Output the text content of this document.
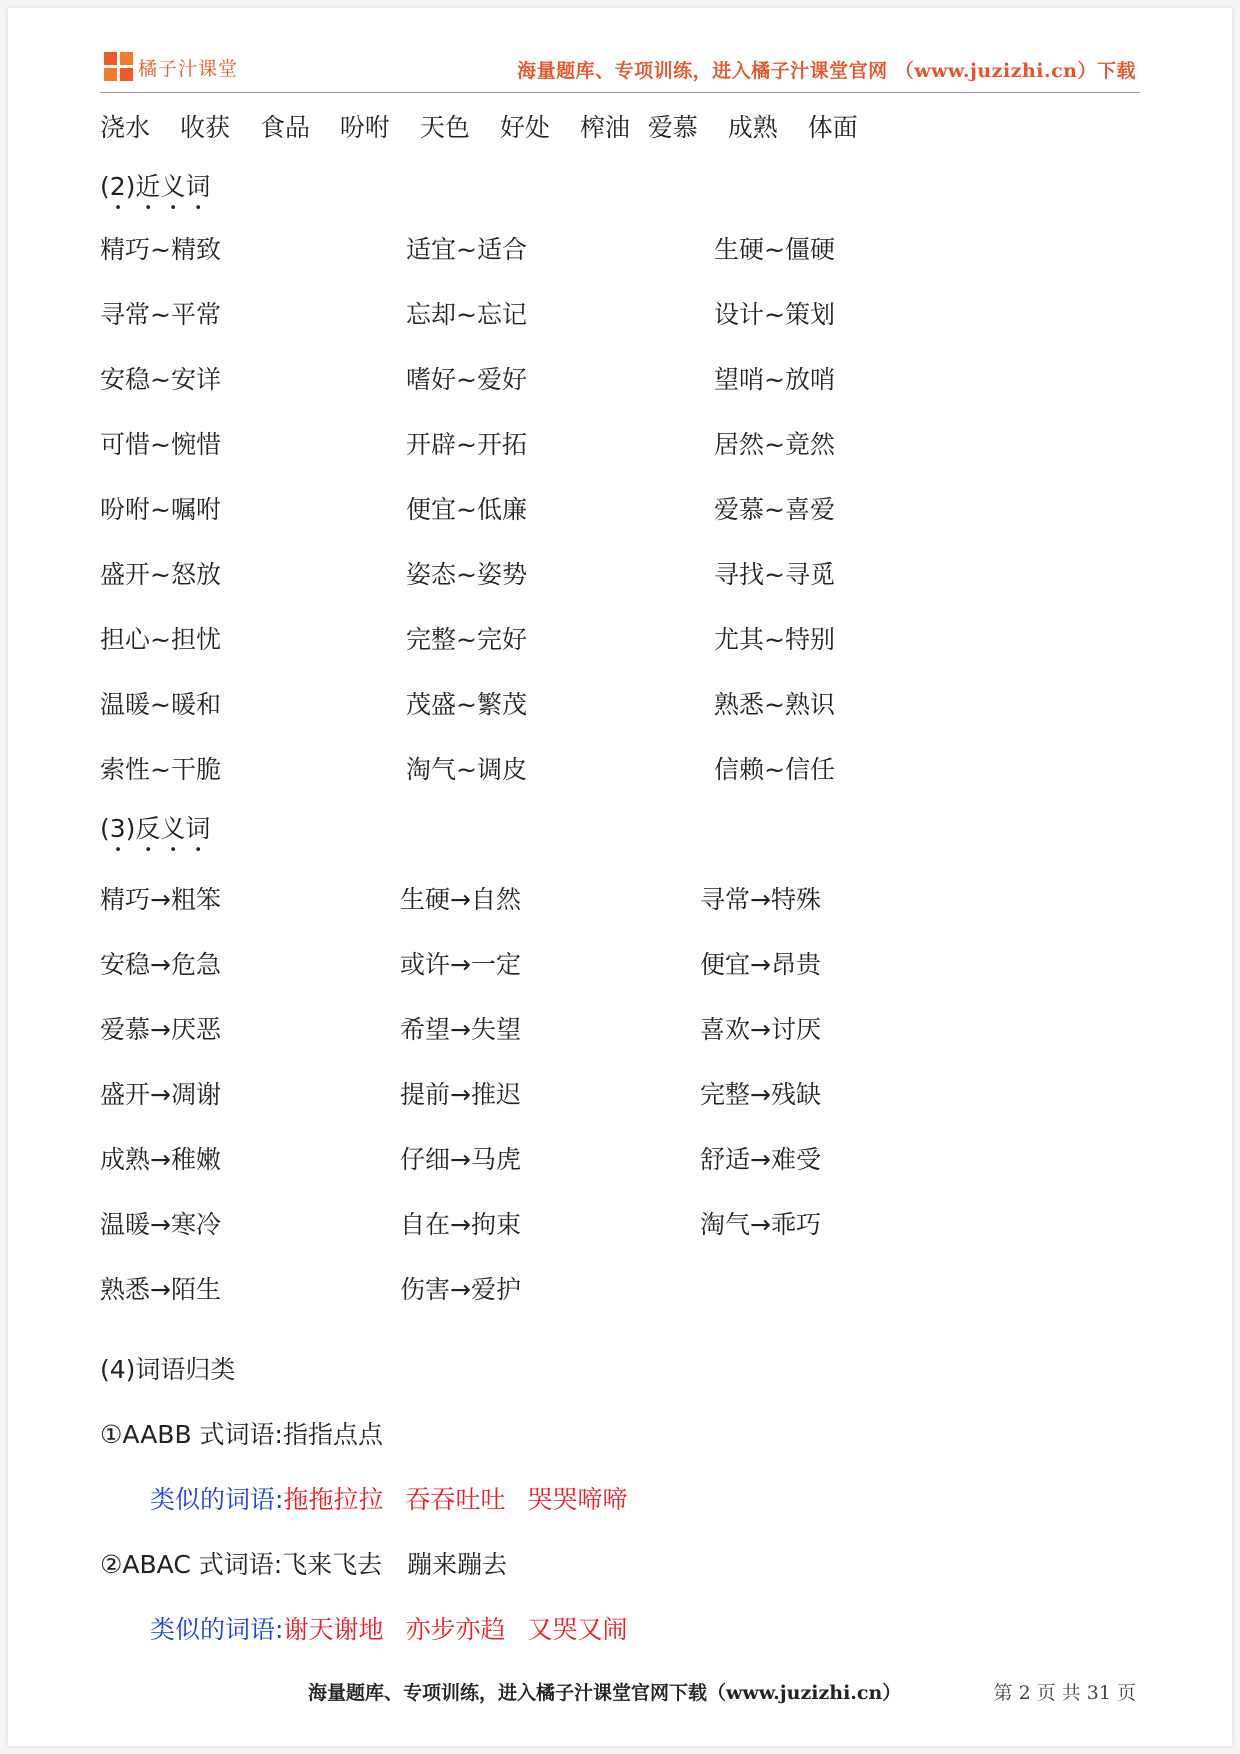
橘子汁课堂	海量题库、专项训练，进入橘子汁课堂官网 （www.juzizhi.cn）下载
浇水 收获 食品 吩咐 天色 好处 榨油 爱慕 成熟 体面
(2)近义词
精巧~精致	适宜~适合	生硬~僵硬
寻常~平常	忘却~忘记	设计~策划
安稳~安详	嗜好~爱好	望哨~放哨
可惜~惋惜	开辟~开拓	居然~竟然
吩咐~嘱咐	便宜~低廉	爱慕~喜爱
盛开~怒放	姿态~姿势	寻找~寻觅
担心~担忧	完整~完好	尤其~特别
温暖~暖和	茂盛~繁茂	熟悉~熟识
索性~干脆	淘气~调皮	信赖~信任
(3)反义词
精巧→粗笨	生硬→自然	寻常→特殊
安稳→危急	或许→一定	便宜→昂贵
爱慕→厌恶	希望→失望	喜欢→讨厌
盛开→凋谢	提前→推迟	完整→残缺
成熟→稚嫩	仔细→马虎	舒适→难受
温暖→寒冷	自在→拘束	淘气→乖巧
熟悉→陌生	伤害→爱护
(4)词语归类
①AABB 式词语:指指点点
类似的词语:拖拖拉拉 吞吞吐吐 哭哭啼啼
②ABAC 式词语:飞来飞去　蹦来蹦去
类似的词语:谢天谢地 亦步亦趋 又哭又闹
海量题库、专项训练，进入橘子汁课堂官网下载（www.juzizhi.cn）	第 2 页 共 31 页
